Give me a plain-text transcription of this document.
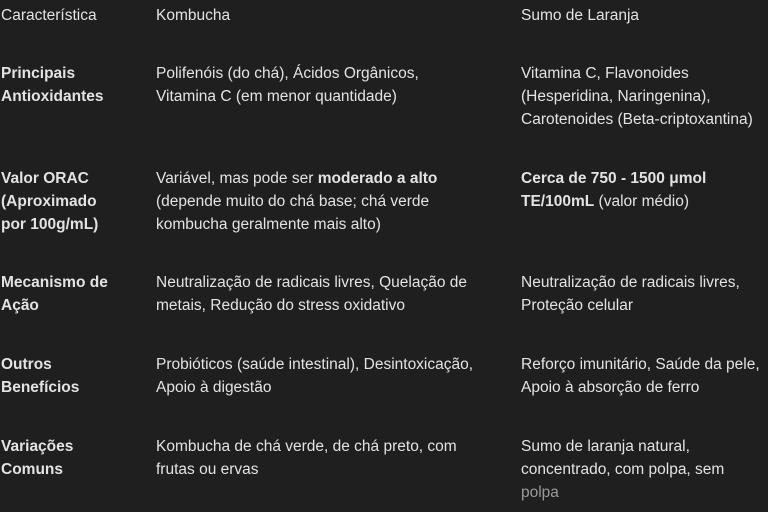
Característica	Kombucha	Sumo de Laranja
Principais
Antioxidantes
Polifenóis (do chá), Ácidos Orgânicos,
Vitamina C (em menor quantidade)
Vitamina C, Flavonoides
(Hesperidina, Naringenina),
Carotenoides (Beta-criptoxantina)
Valor ORAC
(Aproximado
por 100g/mL)
Variável, mas pode ser moderado a alto
(depende muito do chá base; chá verde
kombucha geralmente mais alto)
Cerca de 750 - 1500 μmol
TE/100mL (valor médio)
Mecanismo de
Ação
Neutralização de radicais livres, Quelação de
metais, Redução do stress oxidativo
Neutralização de radicais livres,
Proteção celular
Outros
Benefícios
Probióticos (saúde intestinal), Desintoxicação,
Apoio à digestão
Reforço imunitário, Saúde da pele,
Apoio à absorção de ferro
Variações
Comuns
Kombucha de chá verde, de chá preto, com
frutas ou ervas
Sumo de laranja natural,
concentrado, com polpa, sem
polpa
